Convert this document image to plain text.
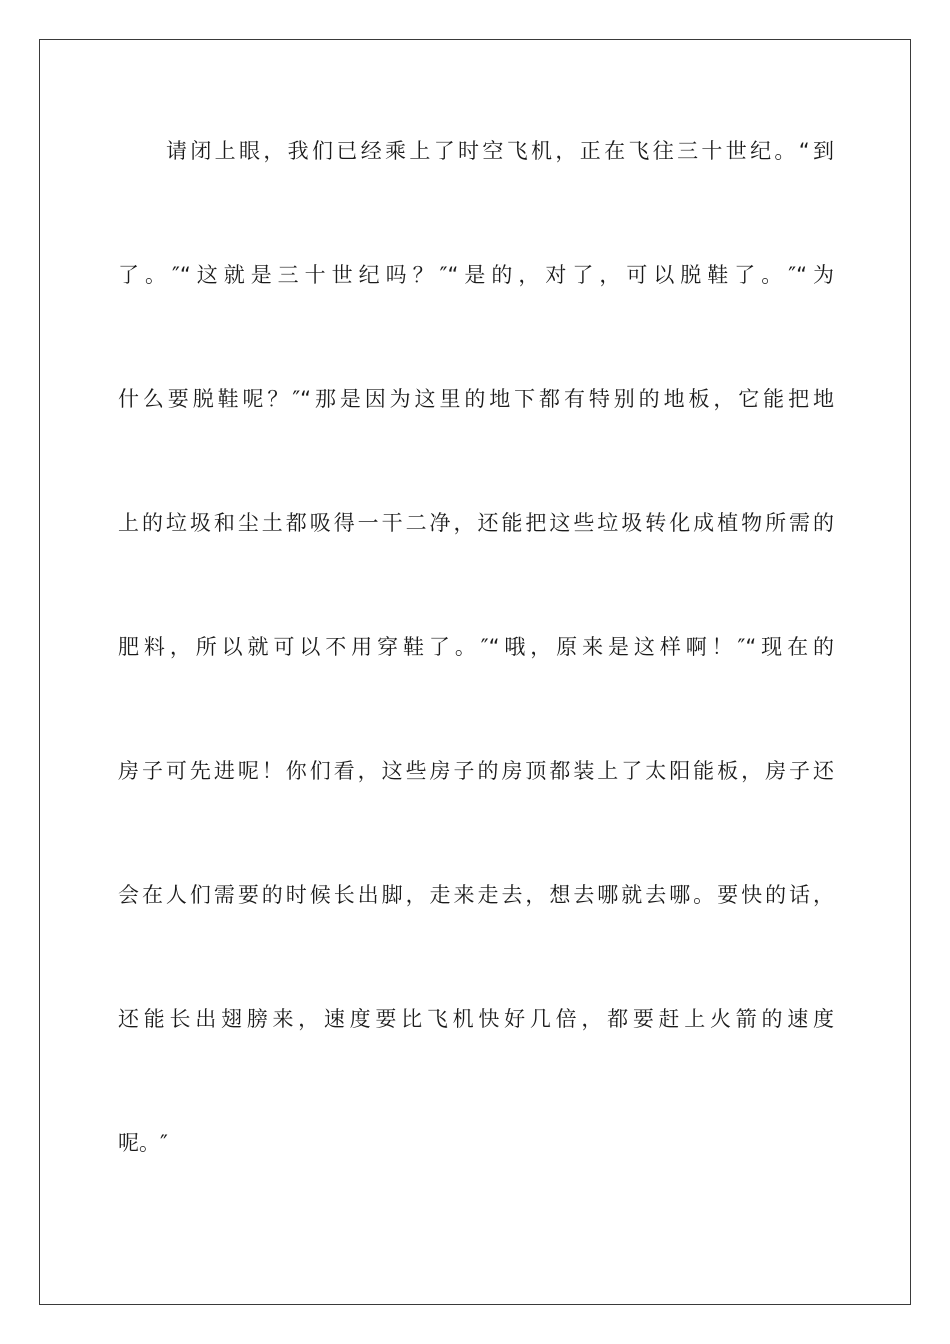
请闭上眼，我们已经乘上了时空飞机，正在飞往三十世纪。“到
了。″“这就是三十世纪吗？″“是的，对了，可以脱鞋了。″“为
什么要脱鞋呢？″“那是因为这里的地下都有特别的地板，它能把地
上的垃圾和尘土都吸得一干二净，还能把这些垃圾转化成植物所需的
肥料，所以就可以不用穿鞋了。″“哦，原来是这样啊！″“现在的
房子可先进呢！你们看，这些房子的房顶都装上了太阳能板，房子还
会在人们需要的时候长出脚，走来走去，想去哪就去哪。要快的话，
还能长出翅膀来，速度要比飞机快好几倍，都要赶上火箭的速度
呢。″
